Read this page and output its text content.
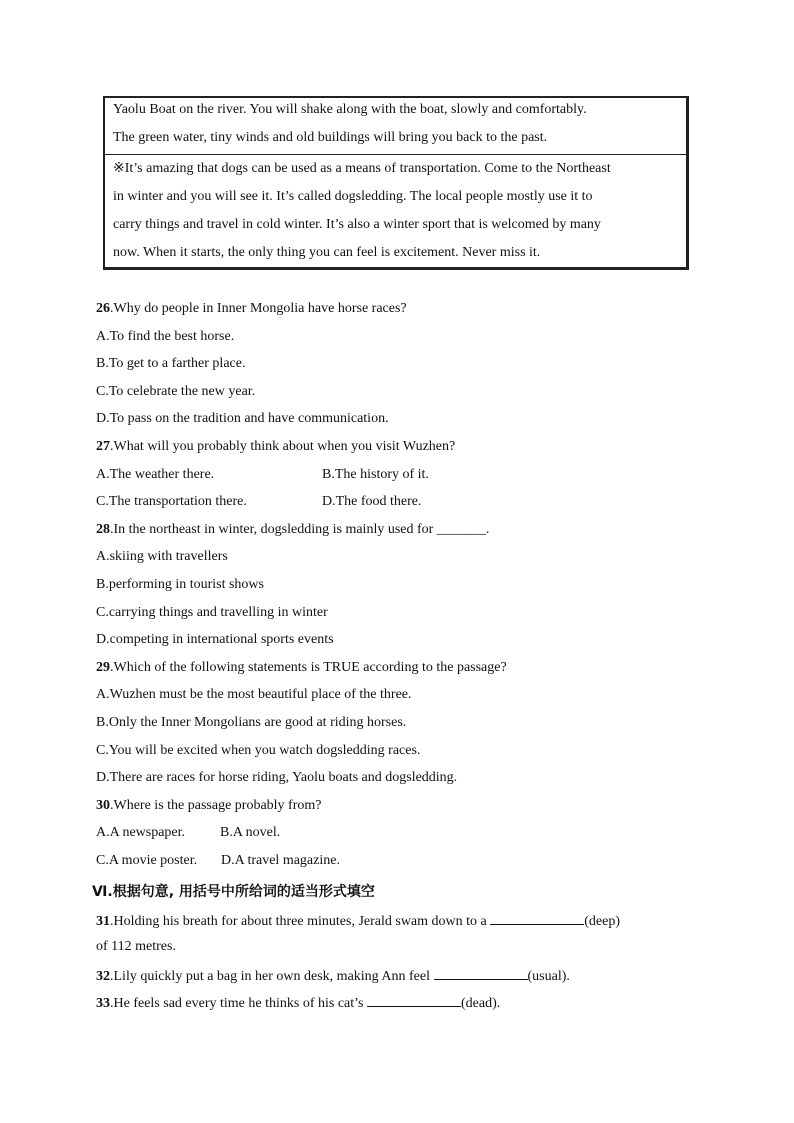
Yaolu Boat on the river. You will shake along with the boat, slowly and comfortably.
The green water, tiny winds and old buildings will bring you back to the past.
※It’s amazing that dogs can be used as a means of transportation. Come to the Northeast
in winter and you will see it. It’s called dogsledding. The local people mostly use it to
carry things and travel in cold winter. It’s also a winter sport that is welcomed by many
now. When it starts, the only thing you can feel is excitement. Never miss it.
26.Why do people in Inner Mongolia have horse races?
A.To find the best horse.
B.To get to a farther place.
C.To celebrate the new year.
D.To pass on the tradition and have communication.
27.What will you probably think about when you visit Wuzhen?
A.The weather there.	B.The history of it.
C.The transportation there.	D.The food there.
28.In the northeast in winter, dogsledding is mainly used for _______.
A.skiing with travellers
B.performing in tourist shows
C.carrying things and travelling in winter
D.competing in international sports events
29.Which of the following statements is TRUE according to the passage?
A.Wuzhen must be the most beautiful place of the three.
B.Only the Inner Mongolians are good at riding horses.
C.You will be excited when you watch dogsledding races.
D.There are races for horse riding, Yaolu boats and dogsledding.
30.Where is the passage probably from?
A.A newspaper. B.A novel.
C.A movie poster. D.A travel magazine.
Ⅵ.根据句意, 用括号中所给词的适当形式填空
31.Holding his breath for about three minutes, Jerald swam down to a	(deep)
of 112 metres.
32.Lily quickly put a bag in her own desk, making Ann feel	(usual).
33.He feels sad every time he thinks of his cat’s	(dead).
